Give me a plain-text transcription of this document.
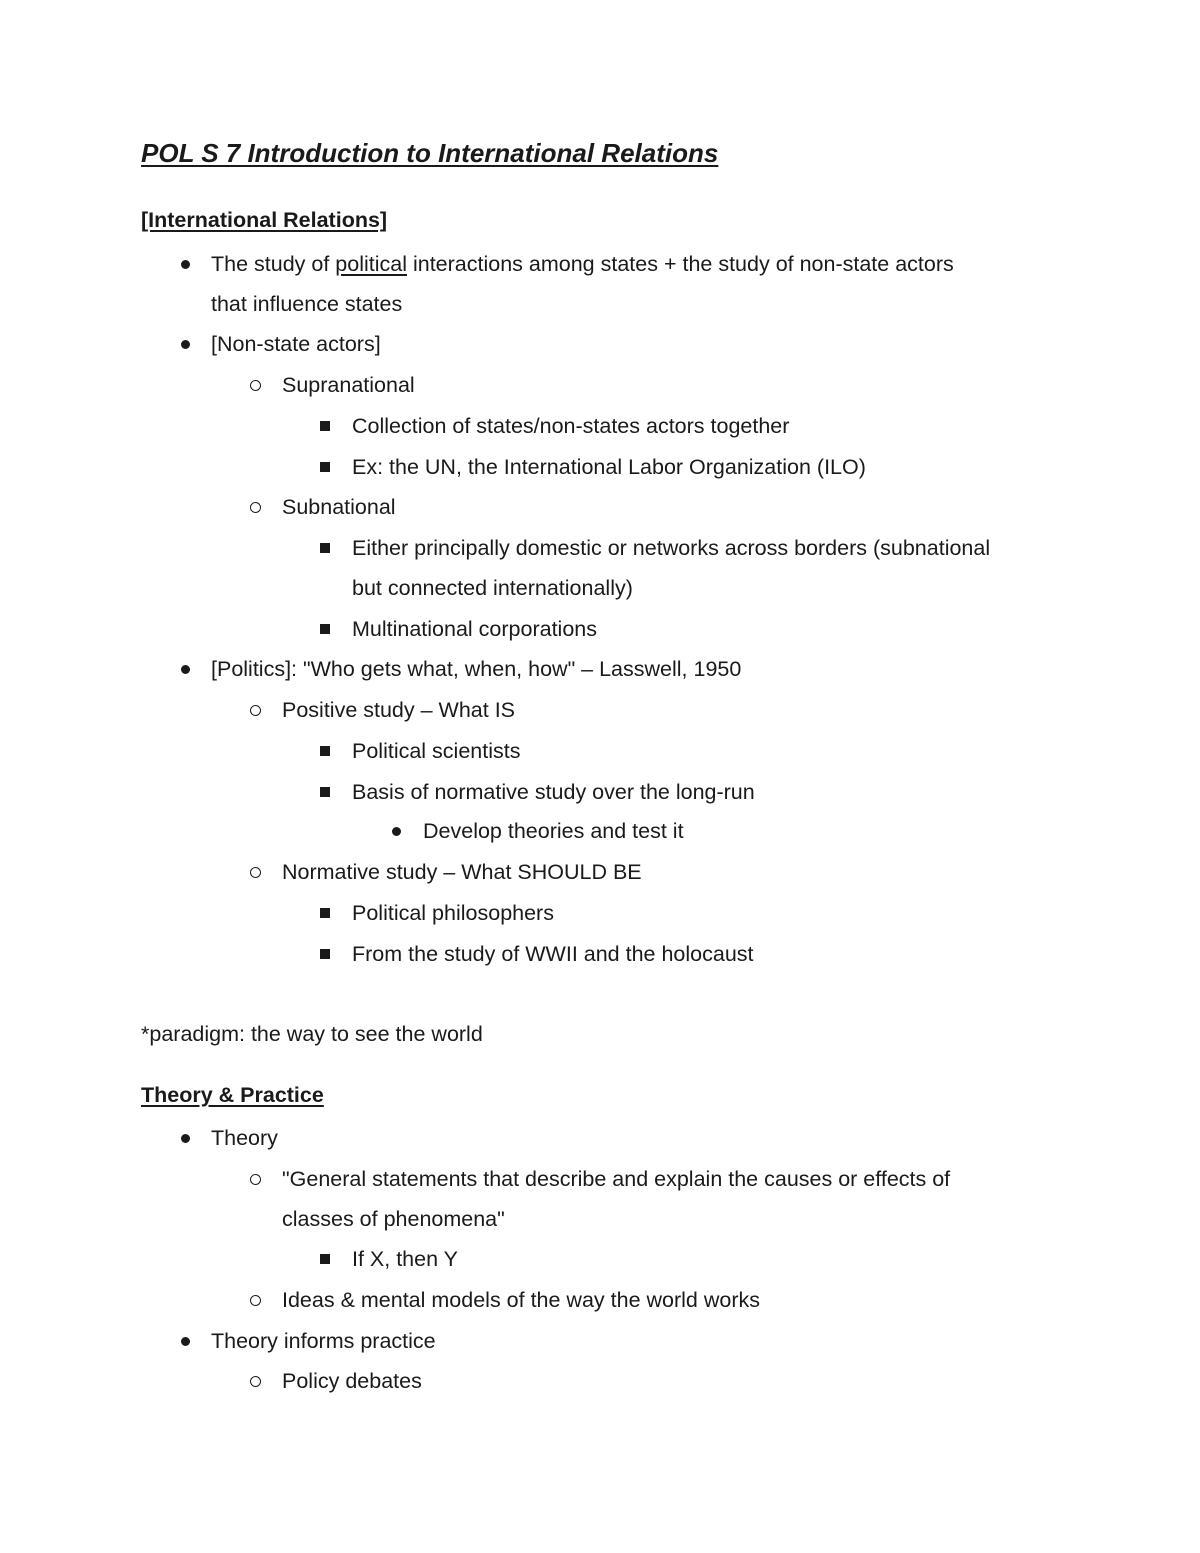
POL S 7 Introduction to International Relations
[International Relations]
The study of political interactions among states + the study of non-state actors
that influence states
[Non-state actors]
Supranational
Collection of states/non-states actors together
Ex: the UN, the International Labor Organization (ILO)
Subnational
Either principally domestic or networks across borders (subnational
but connected internationally)
Multinational corporations
[Politics]: "Who gets what, when, how" – Lasswell, 1950
Positive study – What IS
Political scientists
Basis of normative study over the long-run
Develop theories and test it
Normative study – What SHOULD BE
Political philosophers
From the study of WWII and the holocaust
*paradigm: the way to see the world
Theory & Practice
Theory
"General statements that describe and explain the causes or effects of
classes of phenomena"
If X, then Y
Ideas & mental models of the way the world works
Theory informs practice
Policy debates
